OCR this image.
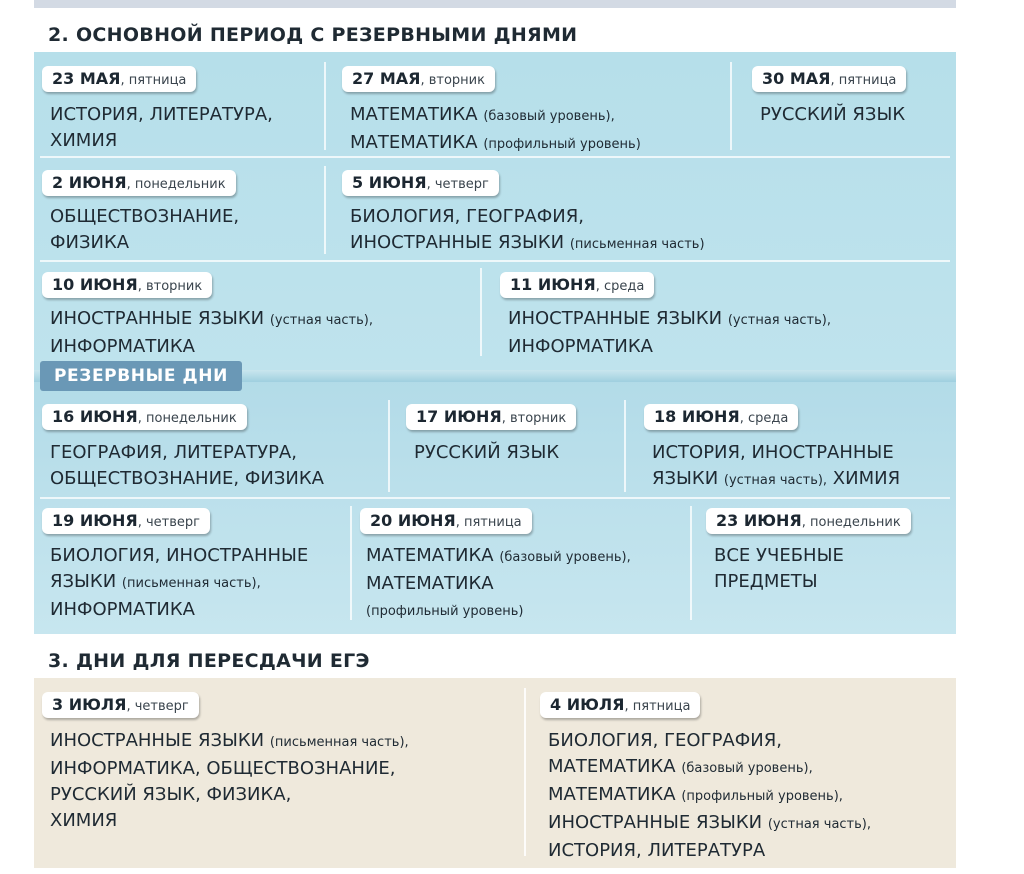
2. ОСНОВНОЙ ПЕРИОД С РЕЗЕРВНЫМИ ДНЯМИ
23 МАЯ, пятница
ИСТОРИЯ, ЛИТЕРАТУРА,
ХИМИЯ
27 МАЯ, вторник
МАТЕМАТИКА (базовый уровень),
МАТЕМАТИКА (профильный уровень)
30 МАЯ, пятница
РУССКИЙ ЯЗЫК
2 ИЮНЯ, понедельник
ОБЩЕСТВОЗНАНИЕ,
ФИЗИКА
5 ИЮНЯ, четверг
БИОЛОГИЯ, ГЕОГРАФИЯ,
ИНОСТРАННЫЕ ЯЗЫКИ (письменная часть)
10 ИЮНЯ, вторник
ИНОСТРАННЫЕ ЯЗЫКИ (устная часть),
ИНФОРМАТИКА
11 ИЮНЯ, среда
ИНОСТРАННЫЕ ЯЗЫКИ (устная часть),
ИНФОРМАТИКА
РЕЗЕРВНЫЕ ДНИ
16 ИЮНЯ, понедельник
ГЕОГРАФИЯ, ЛИТЕРАТУРА,
ОБЩЕСТВОЗНАНИЕ, ФИЗИКА
17 ИЮНЯ, вторник
РУССКИЙ ЯЗЫК
18 ИЮНЯ, среда
ИСТОРИЯ, ИНОСТРАННЫЕ
ЯЗЫКИ (устная часть), ХИМИЯ
19 ИЮНЯ, четверг
БИОЛОГИЯ, ИНОСТРАННЫЕ
ЯЗЫКИ (письменная часть),
ИНФОРМАТИКА
20 ИЮНЯ, пятница
МАТЕМАТИКА (базовый уровень),
МАТЕМАТИКА
(профильный уровень)
23 ИЮНЯ, понедельник
ВСЕ УЧЕБНЫЕ
ПРЕДМЕТЫ
3. ДНИ ДЛЯ ПЕРЕСДАЧИ ЕГЭ
3 ИЮЛЯ, четверг
ИНОСТРАННЫЕ ЯЗЫКИ (письменная часть),
ИНФОРМАТИКА, ОБЩЕСТВОЗНАНИЕ,
РУССКИЙ ЯЗЫК, ФИЗИКА,
ХИМИЯ
4 ИЮЛЯ, пятница
БИОЛОГИЯ, ГЕОГРАФИЯ,
МАТЕМАТИКА (базовый уровень),
МАТЕМАТИКА (профильный уровень),
ИНОСТРАННЫЕ ЯЗЫКИ (устная часть),
ИСТОРИЯ, ЛИТЕРАТУРА
